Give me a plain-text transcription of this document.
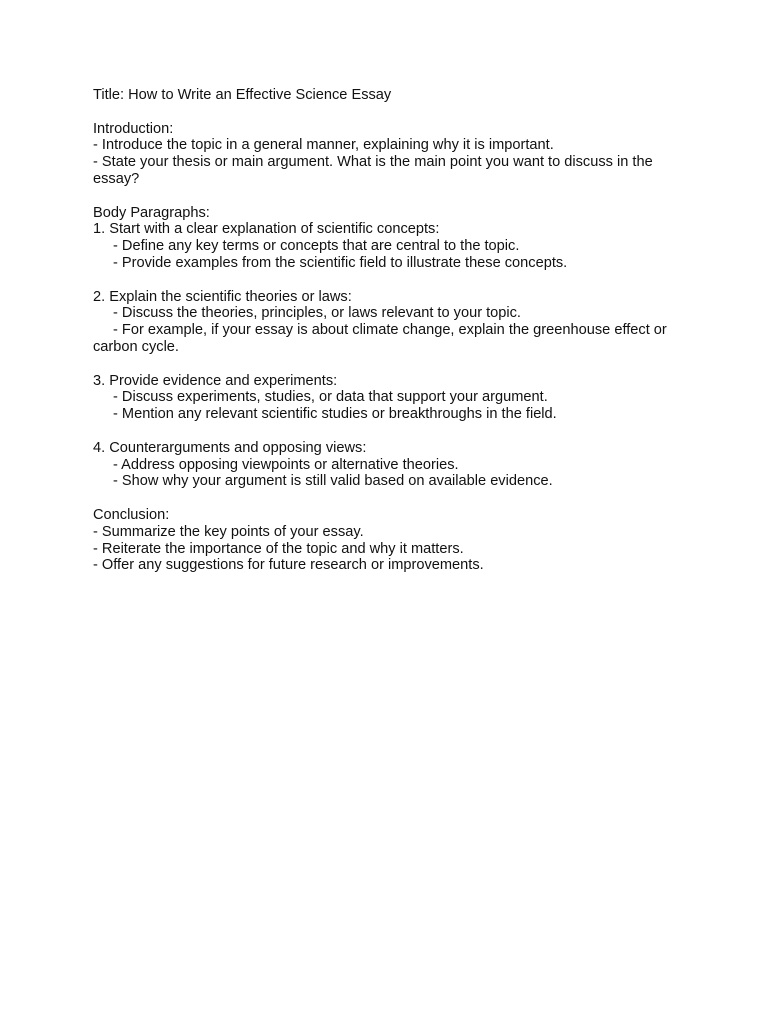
Title: How to Write an Effective Science Essay
Introduction:
- Introduce the topic in a general manner, explaining why it is important.
- State your thesis or main argument. What is the main point you want to discuss in the essay?
Body Paragraphs:
1. Start with a clear explanation of scientific concepts:
- Define any key terms or concepts that are central to the topic.
- Provide examples from the scientific field to illustrate these concepts.
2. Explain the scientific theories or laws:
- Discuss the theories, principles, or laws relevant to your topic.
- For example, if your essay is about climate change, explain the greenhouse effect or carbon cycle.
3. Provide evidence and experiments:
- Discuss experiments, studies, or data that support your argument.
- Mention any relevant scientific studies or breakthroughs in the field.
4. Counterarguments and opposing views:
- Address opposing viewpoints or alternative theories.
- Show why your argument is still valid based on available evidence.
Conclusion:
- Summarize the key points of your essay.
- Reiterate the importance of the topic and why it matters.
- Offer any suggestions for future research or improvements.
